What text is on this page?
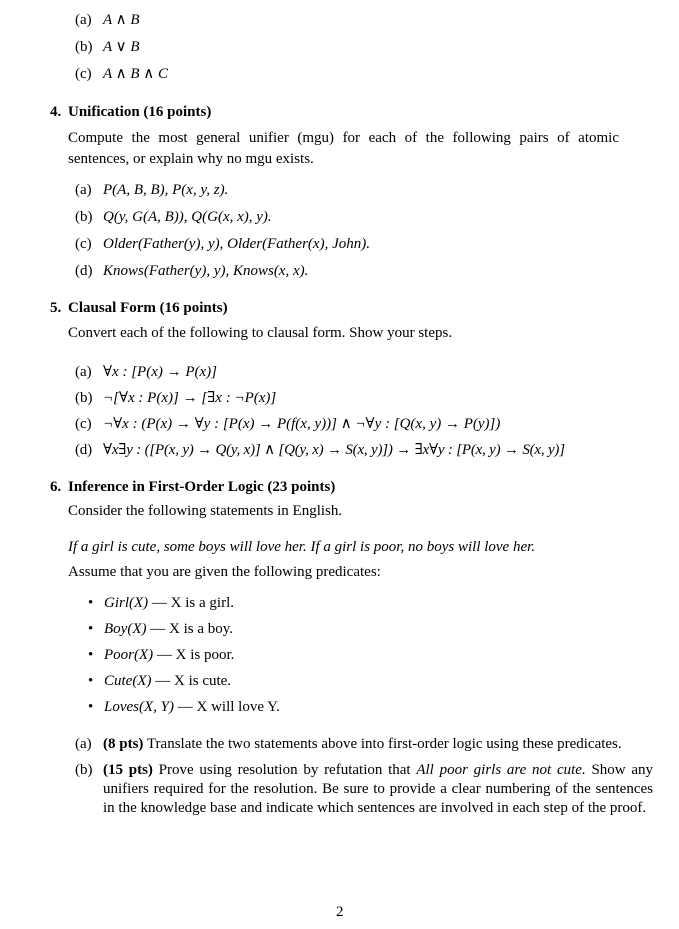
(a) A ∧ B
(b) A ∨ B
(c) A ∧ B ∧ C
4. Unification (16 points)
Compute the most general unifier (mgu) for each of the following pairs of atomic sentences, or explain why no mgu exists.
(a) P(A, B, B), P(x, y, z).
(b) Q(y, G(A, B)), Q(G(x, x), y).
(c) Older(Father(y), y), Older(Father(x), John).
(d) Knows(Father(y), y), Knows(x, x).
5. Clausal Form (16 points)
Convert each of the following to clausal form. Show your steps.
(a) ∀x : [P(x) → P(x)]
(b) ¬[∀x : P(x)] → [∃x : ¬P(x)]
(c) ¬∀x : (P(x) → ∀y : [P(x) → P(f(x, y))] ∧ ¬∀y : [Q(x, y) → P(y)])
(d) ∀x∃y : ([P(x, y) → Q(y, x)] ∧ [Q(y, x) → S(x, y)]) → ∃x∀y : [P(x, y) → S(x, y)]
6. Inference in First-Order Logic (23 points)
Consider the following statements in English.
If a girl is cute, some boys will love her. If a girl is poor, no boys will love her.
Assume that you are given the following predicates:
• Girl(X) — X is a girl.
• Boy(X) — X is a boy.
• Poor(X) — X is poor.
• Cute(X) — X is cute.
• Loves(X, Y) — X will love Y.
(a) (8 pts) Translate the two statements above into first-order logic using these predicates.
(b) (15 pts) Prove using resolution by refutation that All poor girls are not cute. Show any unifiers required for the resolution. Be sure to provide a clear numbering of the sentences in the knowledge base and indicate which sentences are involved in each step of the proof.
2
